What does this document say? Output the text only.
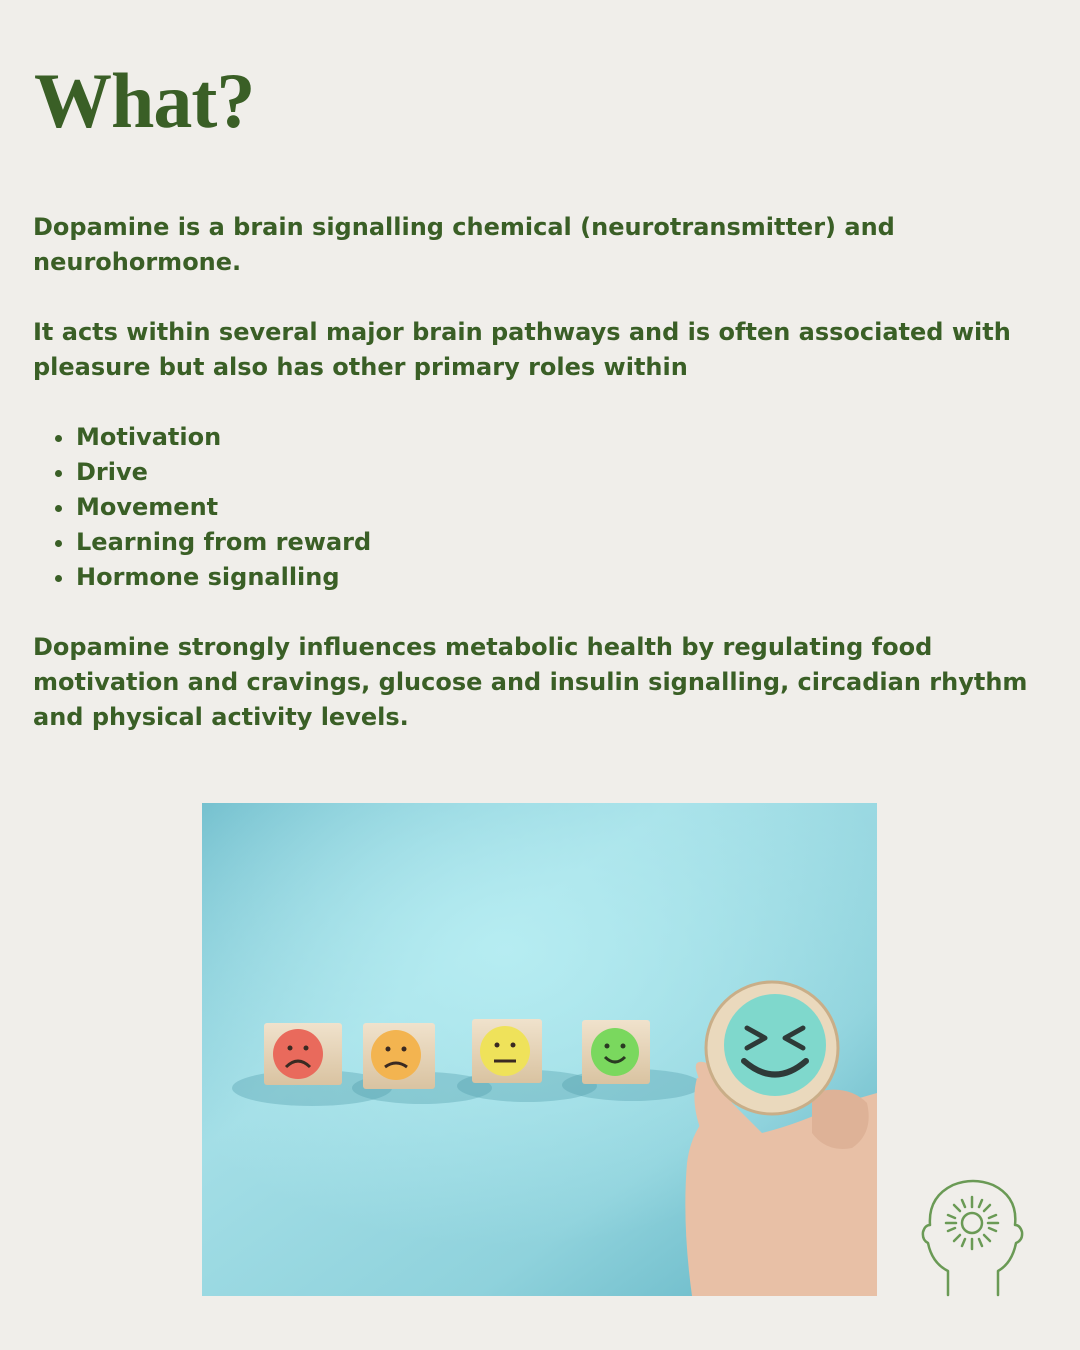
What?

Dopamine is a brain signalling chemical (neurotransmitter) and neurohormone.

It acts within several major brain pathways and is often associated with pleasure but also has other primary roles within

• Motivation
• Drive
• Movement
• Learning from reward
• Hormone signalling

Dopamine strongly influences metabolic health by regulating food motivation and cravings, glucose and insulin signalling, circadian rhythm and physical activity levels.
